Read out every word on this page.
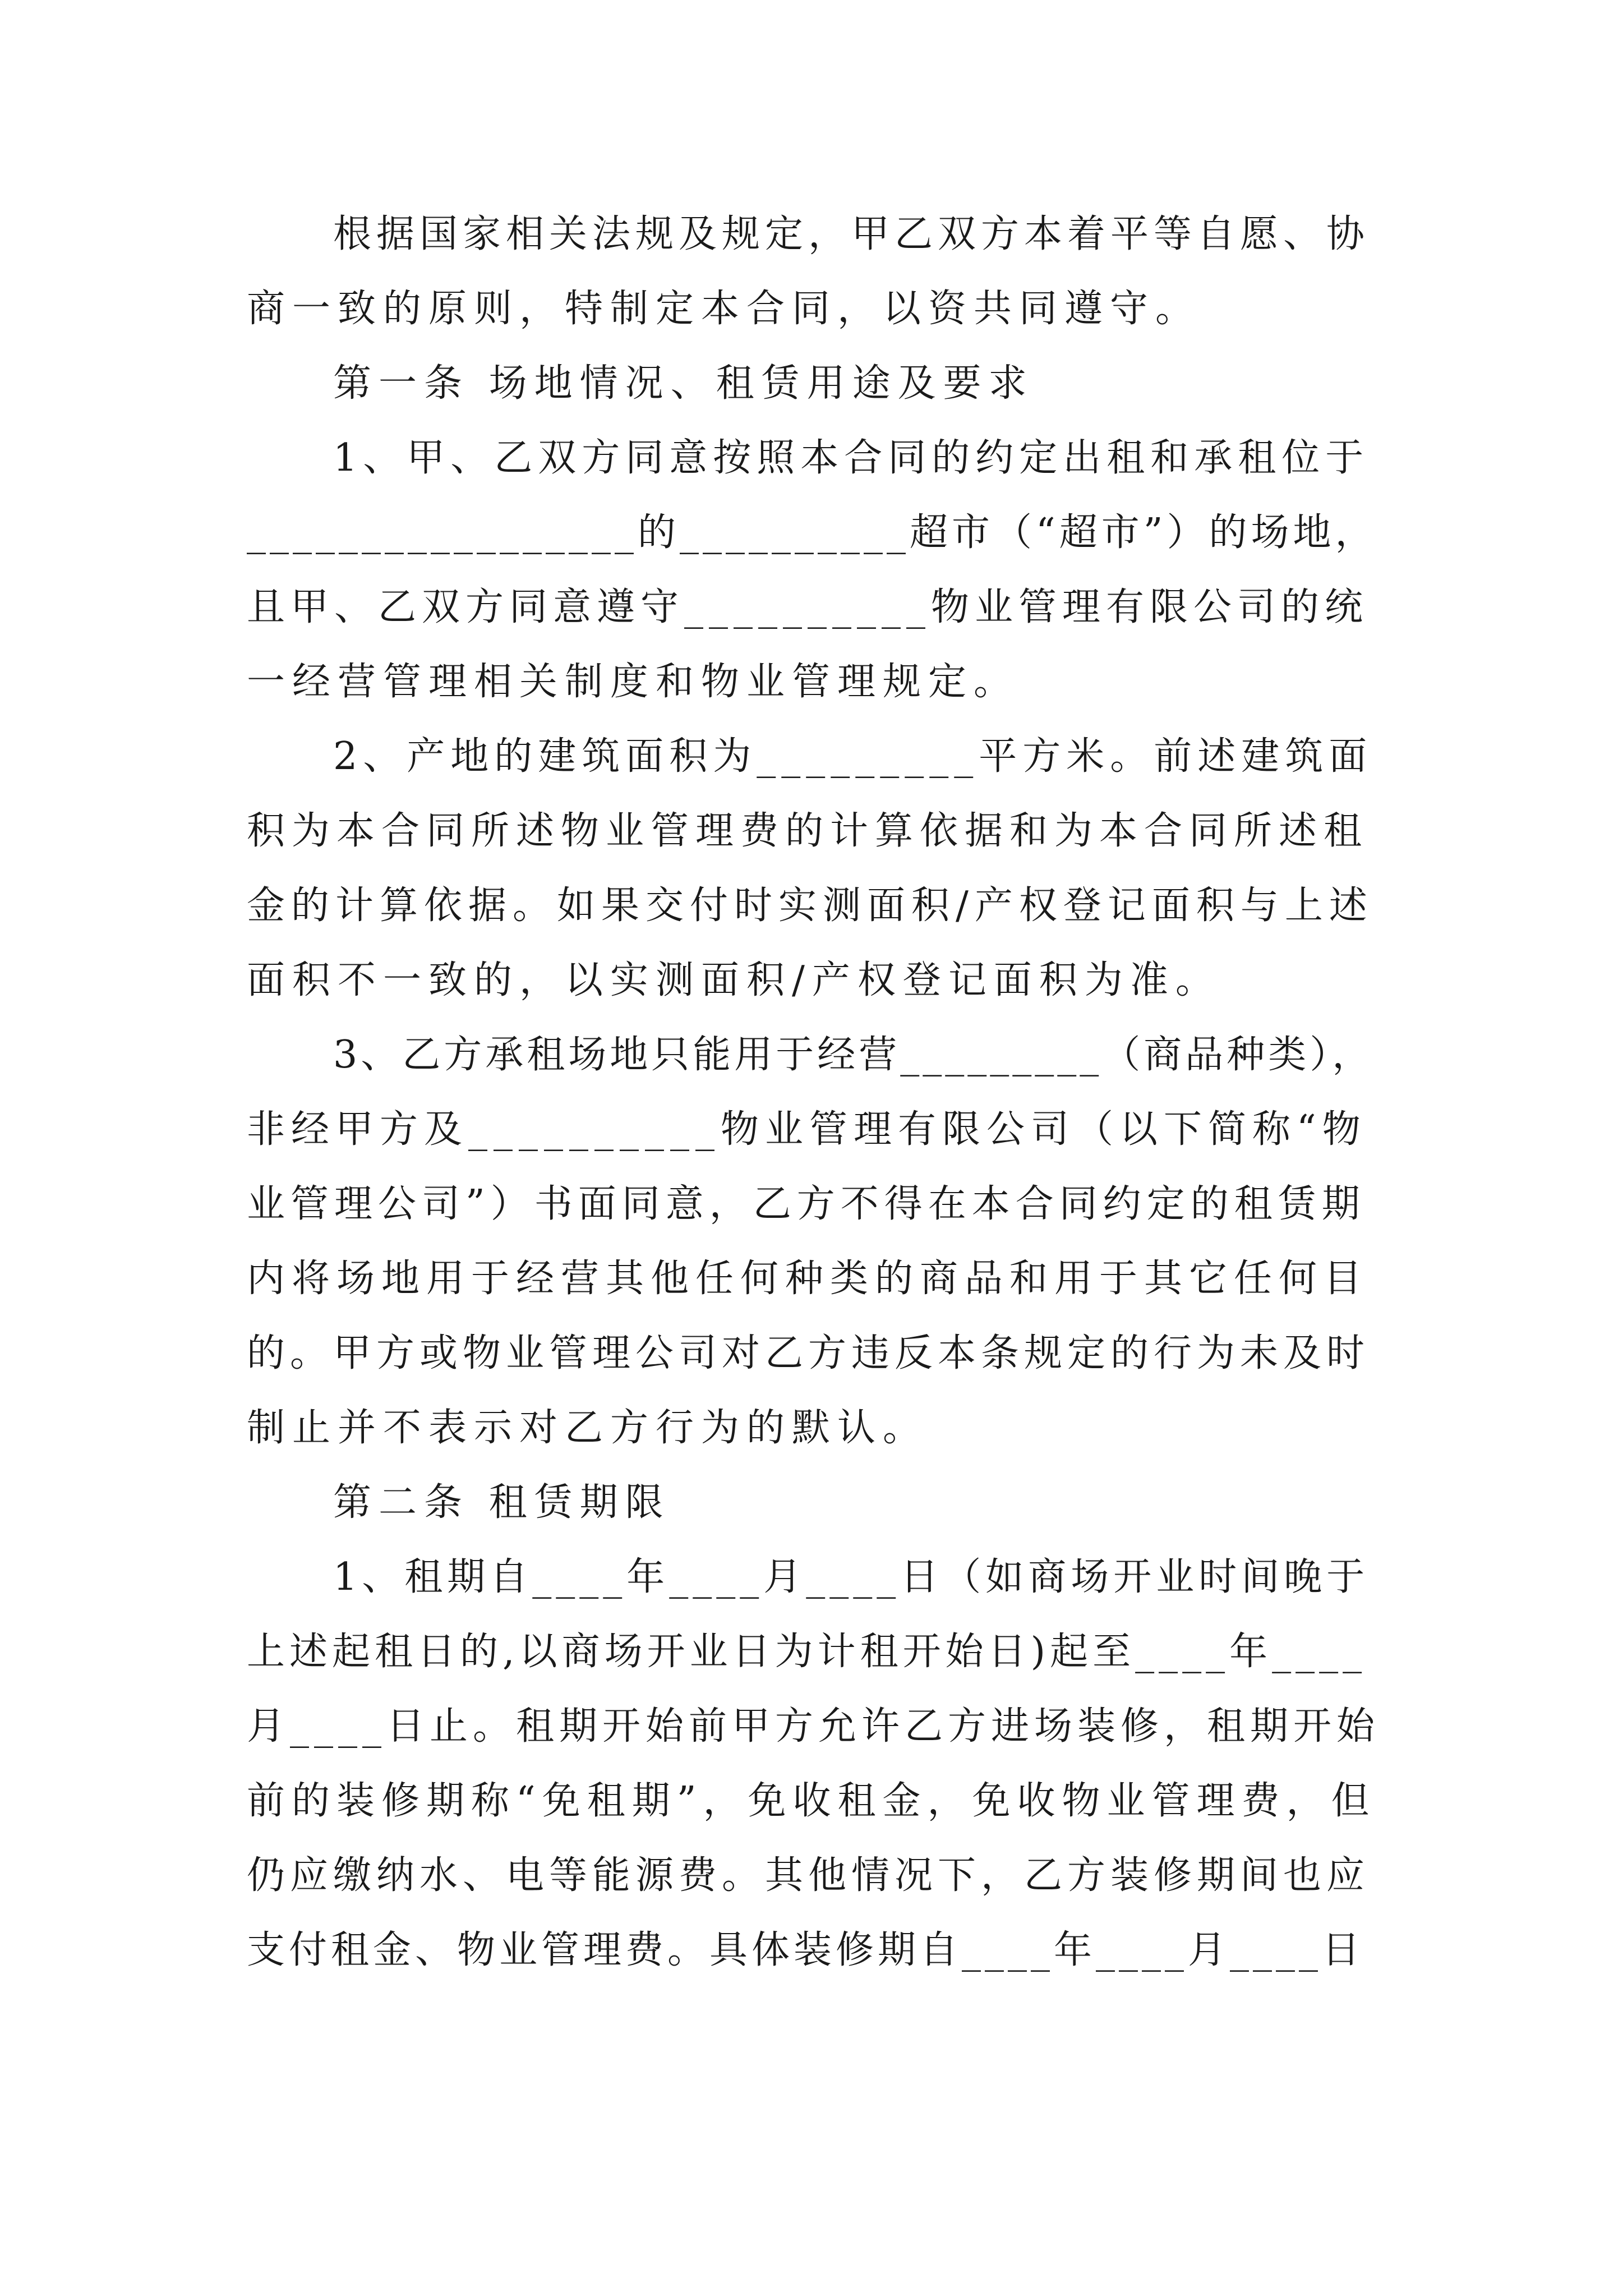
根据国家相关法规及规定，甲乙双方本着平等自愿、协
商一致的原则，特制定本合同，以资共同遵守。
第一条 场地情况、租赁用途及要求
1、甲、乙双方同意按照本合同的约定出租和承租位于
_________________的__________超市（“超市”）的场地，
且甲、乙双方同意遵守__________物业管理有限公司的统
一经营管理相关制度和物业管理规定。
2、产地的建筑面积为_________平方米。前述建筑面
积为本合同所述物业管理费的计算依据和为本合同所述租
金的计算依据。如果交付时实测面积/产权登记面积与上述
面积不一致的，以实测面积/产权登记面积为准。
3、乙方承租场地只能用于经营_________（商品种类），
非经甲方及__________物业管理有限公司（以下简称“物
业管理公司”）书面同意，乙方不得在本合同约定的租赁期
内将场地用于经营其他任何种类的商品和用于其它任何目
的。甲方或物业管理公司对乙方违反本条规定的行为未及时
制止并不表示对乙方行为的默认。
第二条 租赁期限
1、租期自____年____月____日（如商场开业时间晚于
上述起租日的,以商场开业日为计租开始日)起至____年____
月____日止。租期开始前甲方允许乙方进场装修，租期开始
前的装修期称“免租期”，免收租金，免收物业管理费，但
仍应缴纳水、电等能源费。其他情况下，乙方装修期间也应
支付租金、物业管理费。具体装修期自____年____月____日
